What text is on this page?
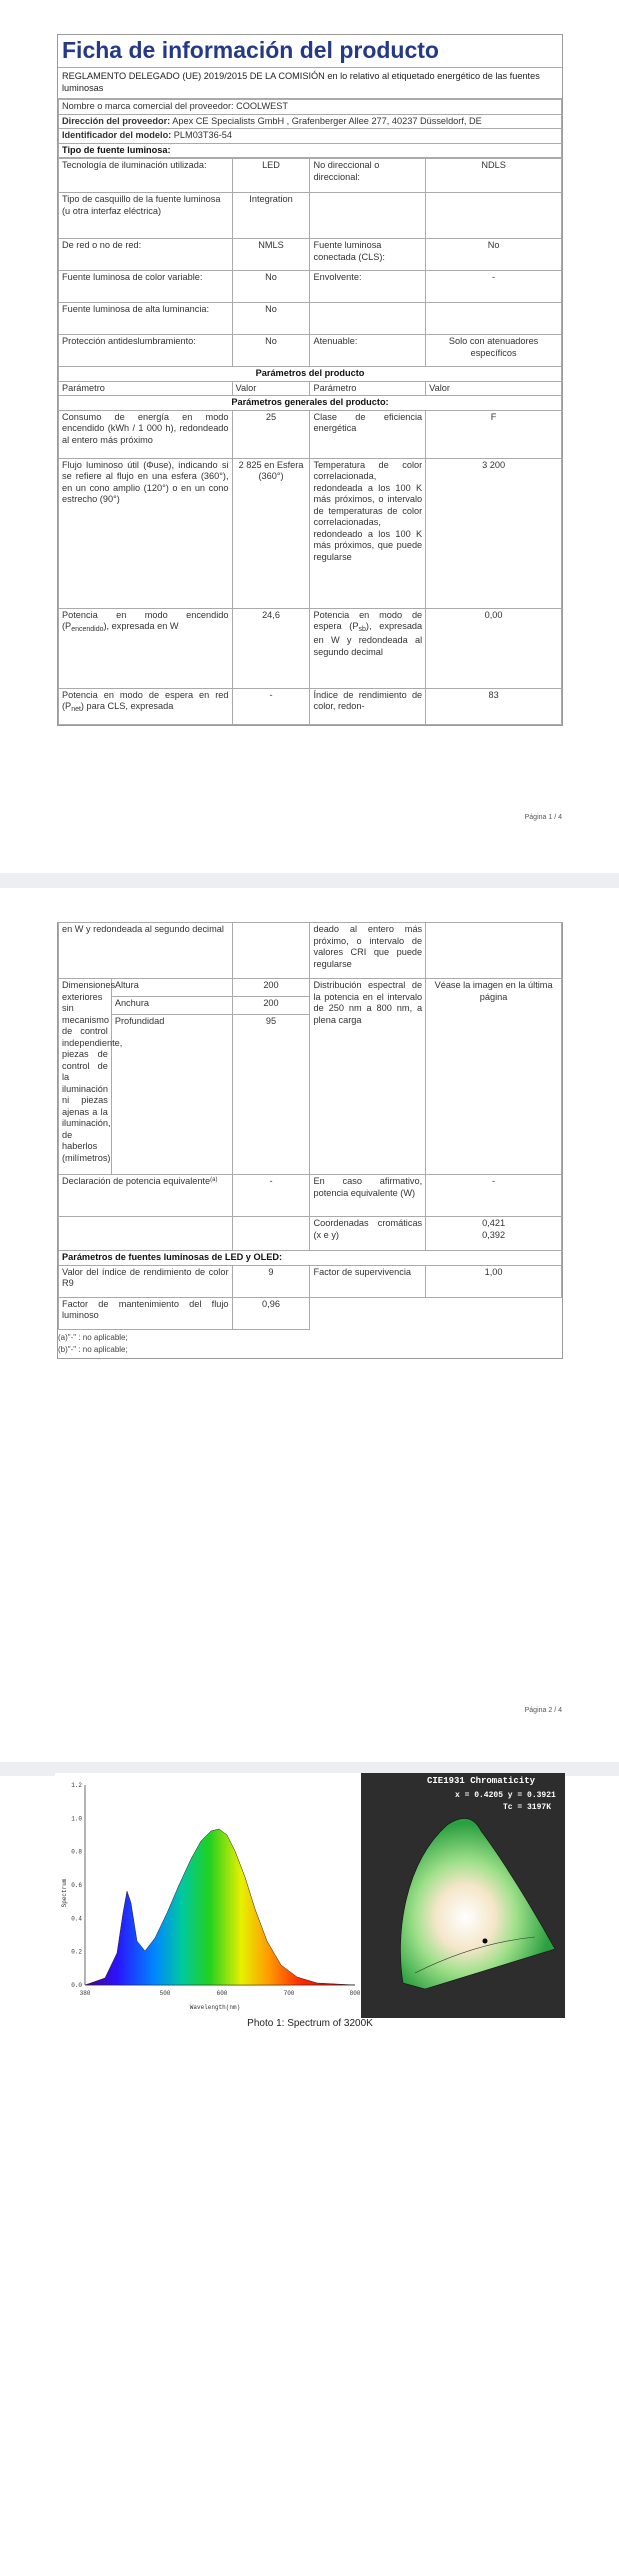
Ficha de información del producto
REGLAMENTO DELEGADO (UE) 2019/2015 DE LA COMISIÓN en lo relativo al etiquetado energético de las fuentes luminosas
Nombre o marca comercial del proveedor: COOLWEST
Dirección del proveedor: Apex CE Specialists GmbH , Grafenberger Allee 277, 40237 Düsseldorf, DE
Identificador del modelo: PLM03T36-54
Tipo de fuente luminosa:
Tecnología de iluminación utilizada:	LED	No direccional o direccional:	NDLS
Tipo de casquillo de la fuente luminosa
(u otra interfaz eléctrica)	Integration		
De red o no de red:	NMLS	Fuente luminosa conectada (CLS):	No
Fuente luminosa de color variable:	No	Envolvente:	-
Fuente luminosa de alta luminancia:	No		
Protección antideslumbramiento:	No	Atenuable:	Solo con atenuadores específicos
Parámetros del producto			
Parámetro	Valor	Parámetro	Valor
Parámetros generales del producto:			
Consumo de energía en modo encendido (kWh / 1 000 h), redondeado al entero más próximo	25	Clase de eficiencia energética	F
Flujo luminoso útil (Φuse), indicando si se refiere al flujo en una esfera (360°), en un cono amplio (120°) o en un cono estrecho (90°)	2 825 en Esfera (360°)	Temperatura de color correlacionada, redondeada a los 100 K más próximos, o intervalo de temperaturas de color correlacionadas, redondeado a los 100 K más próximos, que puede regularse	3 200
Potencia en modo encendido $(P_{encendido})$, expresada en W	24,6	Potencia en modo de espera $(P_{sb})$, expresada en W y redondeada al segundo decimal	0,00
Potencia en modo de espera en red $(P_{net})$ para CLS, expresada	-	Índice de rendimiento de color, redon-	83
Página 1 / 4
en W y redondeada al segundo decimal			deado al entero más próximo, o intervalo de valores CRI que puede regularse	
Dimensiones exteriores sin mecanismo de control independiente, piezas de control de la iluminación ni piezas ajenas a la iluminación, de haberlos (milímetros)	Altura	200	Distribución espectral de la potencia en el intervalo de 250 nm a 800 nm, a plena carga	Véase la imagen en la última página
	Anchura	200		
	Profundidad	95		
Declaración de potencia equivalente$^{(a)}$		-	En caso afirmativo, potencia equivalente (W)	-
			Coordenadas cromáticas (x e y)	0,421
0,392
Parámetros de fuentes luminosas de LED y OLED:				
Valor del índice de rendimiento de color R9		9	Factor de supervivencia	1,00
Factor de mantenimiento del flujo luminoso		0,96		
(a)"-" : no aplicable;
(b)"-" : no aplicable;
Página 2 / 4
0.0
0.2
0.4
0.6
0.8
1.0
1.2
380	500	600	700	800
Spectrum
Wavelength(nm)
CIE1931 Chromaticity
x = 0.4205 y = 0.3921
Tc = 3197K
Photo 1: Spectrum of 3200K
